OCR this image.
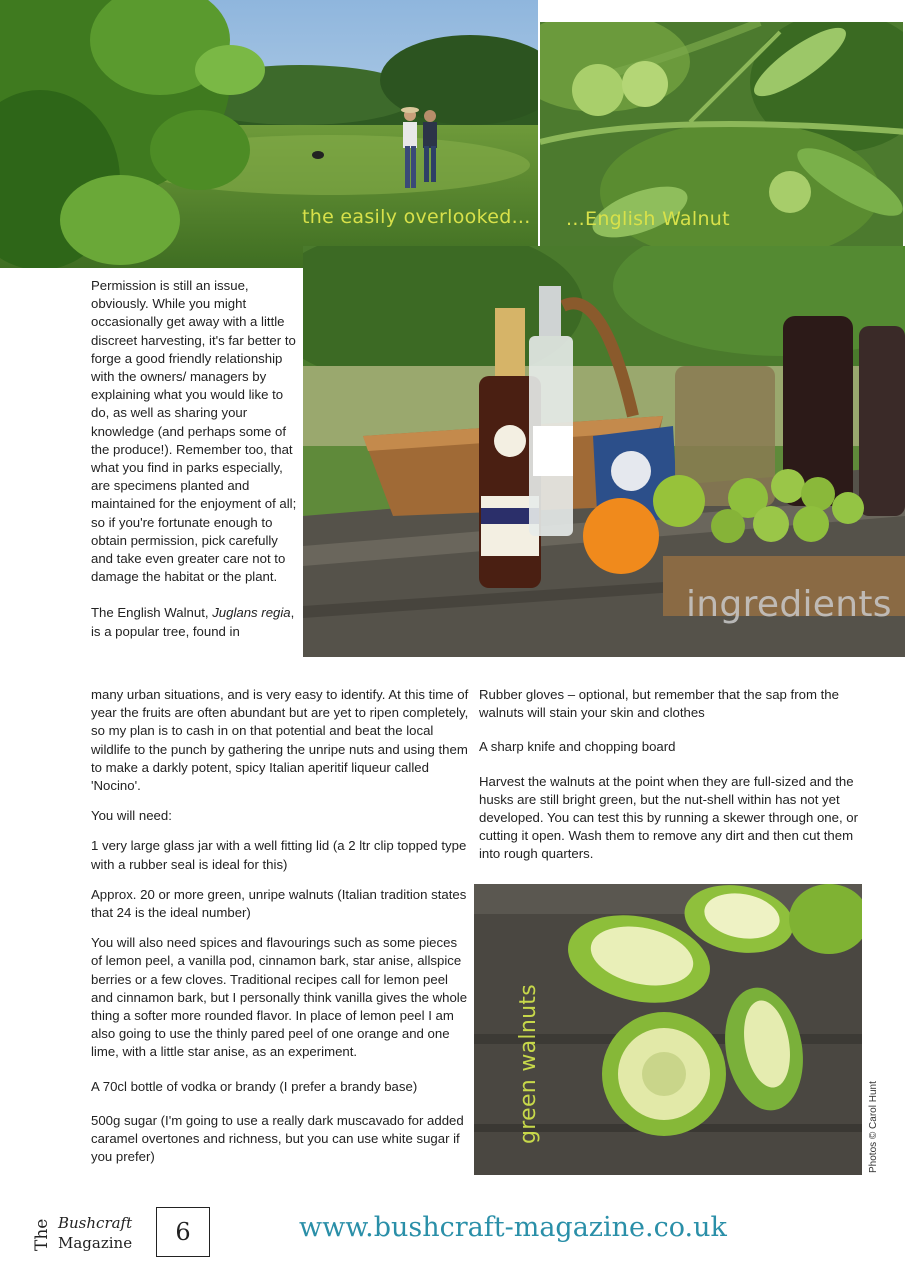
the easily overlooked... ...English Walnut
ingredients

Permission is still an issue, obviously. While you might occasionally get away with a little discreet harvesting, it's far better to forge a good friendly relationship with the owners/ managers by explaining what you would like to do, as well as sharing your knowledge (and perhaps some of the produce!). Remember too, that what you find in parks especially, are specimens planted and maintained for the enjoyment of all; so if you're fortunate enough to obtain permission, pick carefully and take even greater care not to damage the habitat or the plant.

The English Walnut, Juglans regia, is a popular tree, found in

many urban situations, and is very easy to identify. At this time of year the fruits are often abundant but are yet to ripen completely, so my plan is to cash in on that potential and beat the local wildlife to the punch by gathering the unripe nuts and using them to make a darkly potent, spicy Italian aperitif liqueur called 'Nocino'.

You will need:

1 very large glass jar with a well fitting lid (a 2 ltr clip topped type with a rubber seal is ideal for this)

Approx. 20 or more green, unripe walnuts (Italian tradition states that 24 is the ideal number)

You will also need spices and flavourings such as some pieces of lemon peel, a vanilla pod, cinnamon bark, star anise, allspice berries or a few cloves. Traditional recipes call for lemon peel and cinnamon bark, but I personally think vanilla gives the whole thing a softer more rounded flavor. In place of lemon peel I am also going to use the thinly pared peel of one orange and one lime, with a little star anise, as an experiment.

A 70cl bottle of vodka or brandy (I prefer a brandy base)

500g sugar (I'm going to use a really dark muscavado for added caramel overtones and richness, but you can use white sugar if you prefer)

Rubber gloves – optional, but remember that the sap from the walnuts will stain your skin and clothes

A sharp knife and chopping board

Harvest the walnuts at the point when they are full-sized and the husks are still bright green, but the nut-shell within has not yet developed. You can test this by running a skewer through one, or cutting it open. Wash them to remove any dirt and then cut them into rough quarters.

green walnuts	Photos © Carol Hunt
The Bushcraft
Magazine	6	www.bushcraft-magazine.co.uk
